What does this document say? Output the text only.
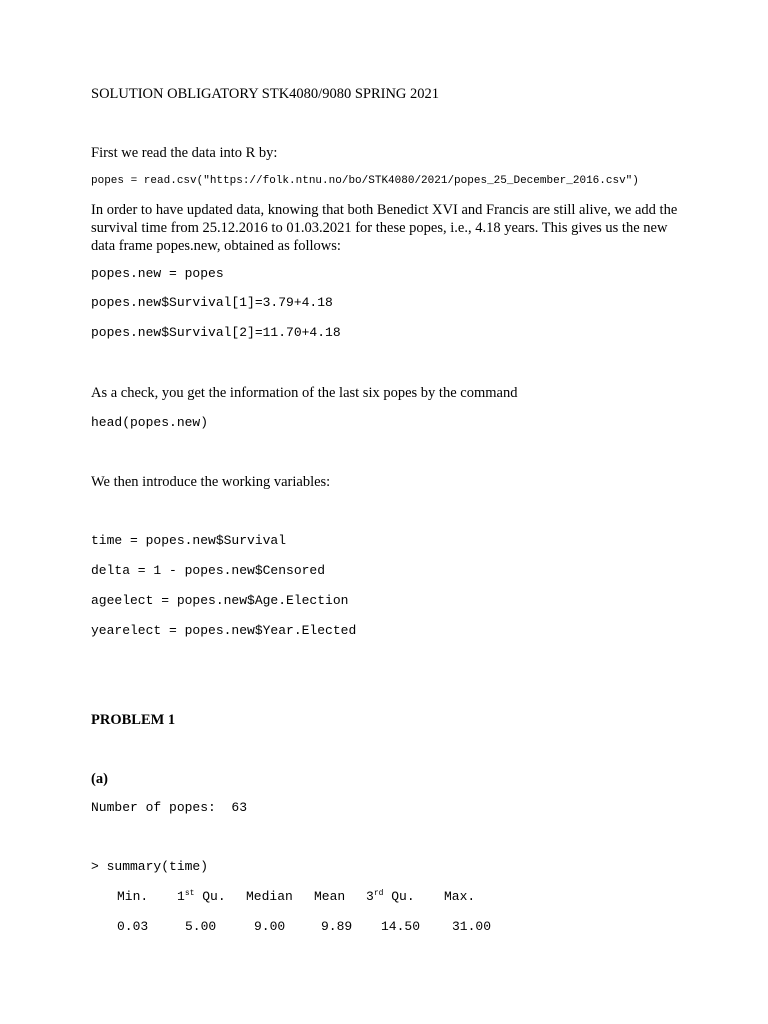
SOLUTION OBLIGATORY STK4080/9080 SPRING 2021
First we read the data into R by:
popes = read.csv("https://folk.ntnu.no/bo/STK4080/2021/popes_25_December_2016.csv")
In order to have updated data, knowing that both Benedict XVI and Francis are still alive, we add the survival time from 25.12.2016 to 01.03.2021 for these popes, i.e., 4.18 years. This gives us the new data frame popes.new, obtained as follows:
popes.new = popes
popes.new$Survival[1]=3.79+4.18
popes.new$Survival[2]=11.70+4.18
As a check, you get the information of the last six popes by the command
head(popes.new)
We then introduce the working variables:
time = popes.new$Survival
delta = 1 - popes.new$Censored
ageelect = popes.new$Age.Election
yearelect = popes.new$Year.Elected
PROBLEM 1
(a)
Number of popes:  63
> summary(time)
Min. 1st Qu. Median Mean 3rd Qu. Max.
0.03	5.00	9.00	9.89 14.50 31.00
